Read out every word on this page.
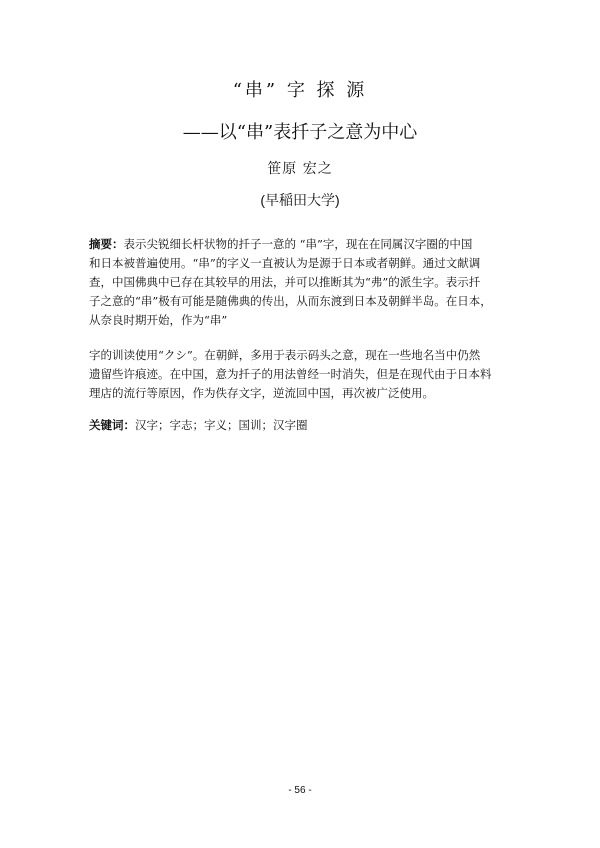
“串” 字 探 源
——以“串”表扦子之意为中心
笹原 宏之
(早稲田大学)

摘要：表示尖锐细长杆状物的扦子一意的 “串”字，现在在同属汉字圈的中国
和日本被普遍使用。“串”的字义一直被认为是源于日本或者朝鲜。通过文献调
查，中国佛典中已存在其较早的用法，并可以推断其为“弗”的派生字。表示扦
子之意的“串”极有可能是随佛典的传出，从而东渡到日本及朝鲜半岛。在日本，
从奈良时期开始，作为“串”

字的训读使用“クシ”。在朝鲜，多用于表示码头之意，现在一些地名当中仍然
遗留些许痕迹。在中国，意为扦子的用法曾经一时消失，但是在现代由于日本料
理店的流行等原因，作为佚存文字，逆流回中国，再次被广泛使用。

关键词：汉字；字志；字义；国训；汉字圈

- 56 -
